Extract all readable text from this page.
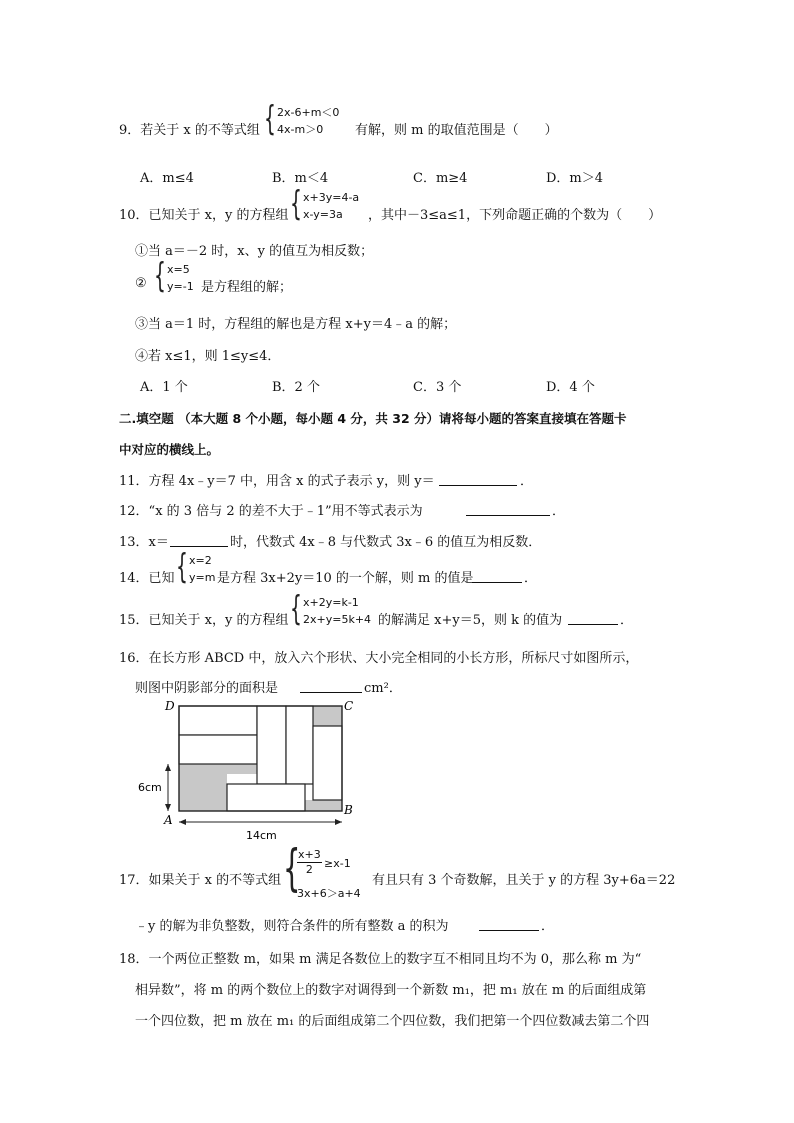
9．若关于 x 的不等式组 { 2x-6+m＜0
4x-m＞0	有解，则 m 的取值范围是（　　）
A．m≤4	B．m＜4	C．m≥4	D．m＞4
10．已知关于 x，y 的方程组 { x+3y=4-a
x-y=3a	，其中－3≤a≤1，下列命题正确的个数为（　　）
①当 a＝－2 时，x、y 的值互为相反数；
② { x=5
y=-1 是方程组的解；
③当 a＝1 时，方程组的解也是方程 x+y＝4﹣a 的解；
④若 x≤1，则 1≤y≤4．
A．1 个	B．2 个	C．3 个	D．4 个
二.填空题 （本大题 8 个小题，每小题 4 分，共 32 分）请将每小题的答案直接填在答题卡
中对应的横线上。
11．方程 4x﹣y＝7 中，用含 x 的式子表示 y，则 y＝	．
12．“x 的 3 倍与 2 的差不大于﹣1”用不等式表示为	．
13．x＝	时，代数式 4x﹣8 与代数式 3x﹣6 的值互为相反数．
14．已知 { x=2
y=m 是方程 3x+2y＝10 的一个解，则 m 的值是	．
15．已知关于 x，y 的方程组 { x+2y=k-1
2x+y=5k+4 的解满足 x+y＝5，则 k 的值为	．
16．在长方形 ABCD 中，放入六个形状、大小完全相同的小长方形，所标尺寸如图所示，
则图中阴影部分的面积是	cm²．
D	C
A
B
6cm
14cm
17．如果关于 x 的不等式组 {
$\frac{x+3}{2} \ge x-1$
3x+6＞a+4
有且只有 3 个奇数解，且关于 y 的方程 3y+6a＝22
﹣y 的解为非负整数，则符合条件的所有整数 a 的积为	．
18．一个两位正整数 m，如果 m 满足各数位上的数字互不相同且均不为 0，那么称 m 为“
相异数”，将 m 的两个数位上的数字对调得到一个新数 m₁，把 m₁ 放在 m 的后面组成第
一个四位数，把 m 放在 m₁ 的后面组成第二个四位数，我们把第一个四位数减去第二个四
